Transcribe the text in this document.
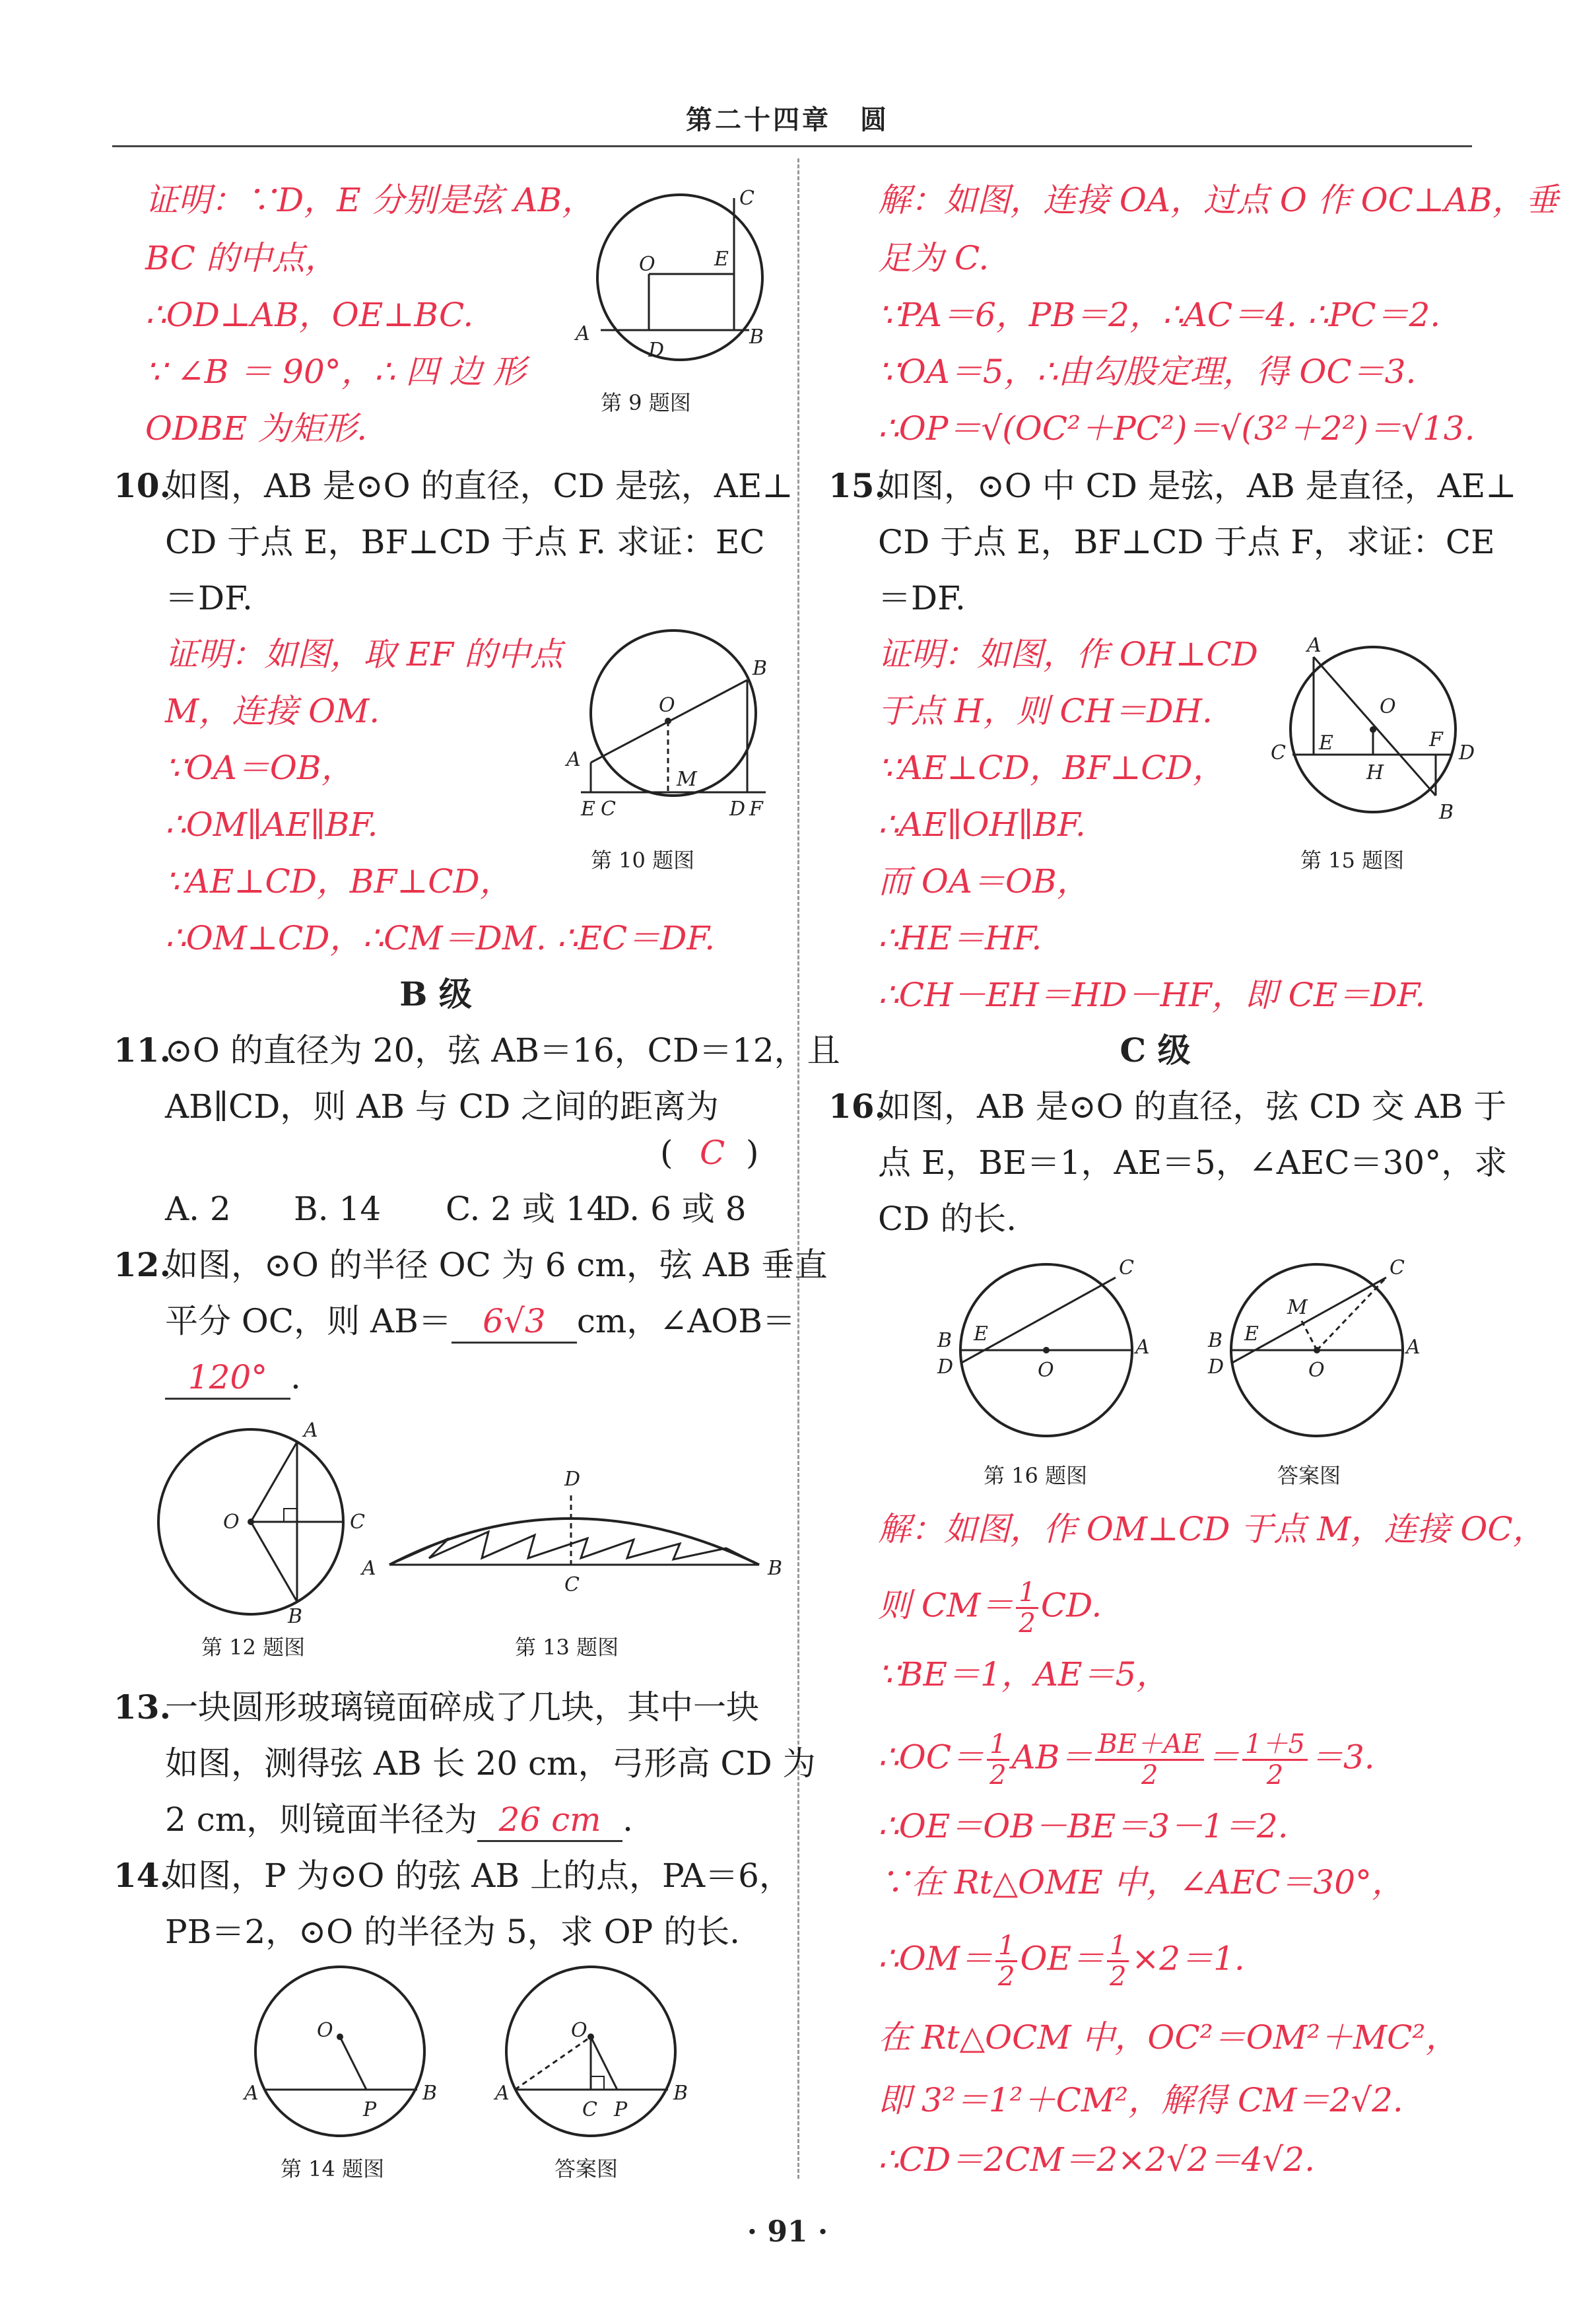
第二十四章　圆
证明：∵D，E 分别是弦 AB，
BC 的中点，
∴OD⊥AB，OE⊥BC.
∵ ∠B ＝ 90°，∴ 四 边 形
ODBE 为矩形.
O	E
C
A
D
B
第 9 题图
10.
如图，AB 是⊙O 的直径，CD 是弦，AE⊥
CD 于点 E，BF⊥CD 于点 F. 求证：EC
＝DF.
证明：如图，取 EF 的中点
M，连接 OM.
∵OA＝OB，
∴OM∥AE∥BF.
∵AE⊥CD，BF⊥CD，
∴OM⊥CD，∴CM＝DM. ∴EC＝DF.
O
B
A
M
E C	D F
第 10 题图
B 级
11.
⊙O 的直径为 20，弦 AB＝16，CD＝12，且
AB∥CD，则 AB 与 CD 之间的距离为
( C )
A. 2 B. 14 C. 2 或 14
D. 6 或 8
12.
如图，⊙O 的半径 OC 为 6 cm，弦 AB 垂直
平分 OC，则 AB＝ 6√3 cm，∠AOB＝
120° .
O
A
C
B
第 12 题图
A	B
D
C
第 13 题图
13.
一块圆形玻璃镜面碎成了几块，其中一块
如图，测得弦 AB 长 20 cm，弓形高 CD 为
2 cm，则镜面半径为 26 cm .
14.
如图，P 为⊙O 的弦 AB 上的点，PA＝6，
PB＝2，⊙O 的半径为 5，求 OP 的长.
O
A	B
P
第 14 题图
O
A	B
C P
答案图
解：如图，连接 OA，过点 O 作 OC⊥AB，垂
足为 C.
∵PA＝6，PB＝2，∴AC＝4. ∴PC＝2.
∵OA＝5，∴由勾股定理，得 OC＝3.
∴OP＝√(OC²＋PC²)＝√(3²＋2²)＝√13.
15.
如图，⊙O 中 CD 是弦，AB 是直径，AE⊥
CD 于点 E，BF⊥CD 于点 F，求证：CE
＝DF.
证明：如图，作 OH⊥CD
于点 H，则 CH＝DH.
∵AE⊥CD，BF⊥CD，
∴AE∥OH∥BF.
而 OA＝OB，
∴HE＝HF.
∴CH－EH＝HD－HF，即 CE＝DF.
A
O
C E
H
F
D
B
第 15 题图
C 级
16.
如图，AB 是⊙O 的直径，弦 CD 交 AB 于
点 E，BE＝1，AE＝5，∠AEC＝30°，求
CD 的长.
B
D
E
O
A
C
第 16 题图
B
D
E
M
O
A
C
答案图
解：如图，作 OM⊥CD 于点 M，连接 OC，
则 $CM= \frac{1}{2}$ CD.
∵BE＝1，AE＝5，
∴OC＝ $\frac{1}{2} AB= \frac{BE+AE}{2} = \frac{1+5}{2} =3$.
∴OE＝OB－BE＝3－1＝2.
∵在 Rt△OME 中，∠AEC＝30°，
∴OM＝ $\frac{1}{2} OE= \frac{1}{2} \times 2=1$.
在 Rt△OCM 中，OC²＝OM²＋MC²，
即 3²＝1²＋CM²，解得 CM＝2√2.
∴CD＝2CM＝2×2√2＝4√2.
· 91 ·
